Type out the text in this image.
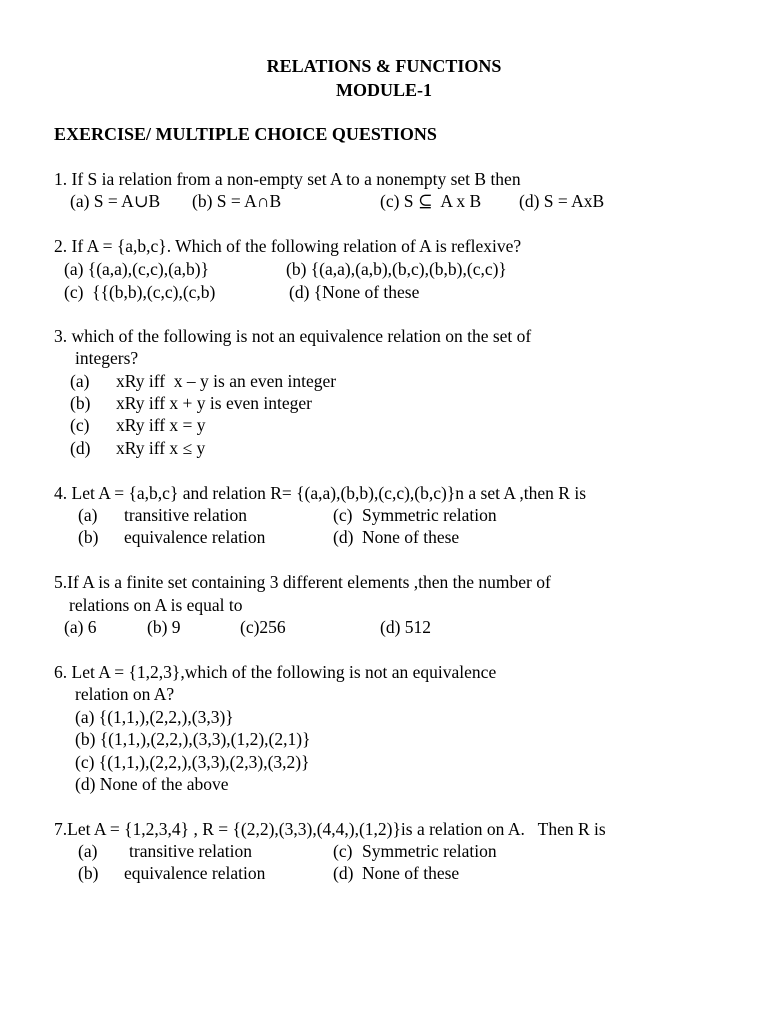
RELATIONS & FUNCTIONS
MODULE-1
EXERCISE/ MULTIPLE CHOICE QUESTIONS
1. If S ia relation from a non-empty set A to a nonempty set B then
(a) S = A∪B (b) S = A∩B	(c) S ⊆  A x B (d) S = AxB
2. If A = {a,b,c}. Which of the following relation of A is reflexive?
(a) {(a,a),(c,c),(a,b)}	(b) {(a,a),(a,b),(b,c),(b,b),(c,c)}
(c)  {{(b,b),(c,c),(c,b)	(d) {None of these
3. which of the following is not an equivalence relation on the set of
integers?
(a) xRy iff  x – y is an even integer
(b) xRy iff x + y is even integer
(c) xRy iff x = y
(d) xRy iff x ≤ y
4. Let A = {a,b,c} and relation R= {(a,a),(b,b),(c,c),(b,c)}n a set A ,then R is
(a) transitive relation	(c) Symmetric relation
(b) equivalence relation	(d) None of these
5.If A is a finite set containing 3 different elements ,then the number of
relations on A is equal to
(a) 6	(b) 9	(c)256	(d) 512
6. Let A = {1,2,3},which of the following is not an equivalence
relation on A?
(a) {(1,1,),(2,2,),(3,3)}
(b) {(1,1,),(2,2,),(3,3),(1,2),(2,1)}
(c) {(1,1,),(2,2,),(3,3),(2,3),(3,2)}
(d) None of the above
7.Let A = {1,2,3,4} , R = {(2,2),(3,3),(4,4,),(1,2)}is a relation on A.   Then R is
(a) transitive relation	(c) Symmetric relation
(b) equivalence relation	(d) None of these
